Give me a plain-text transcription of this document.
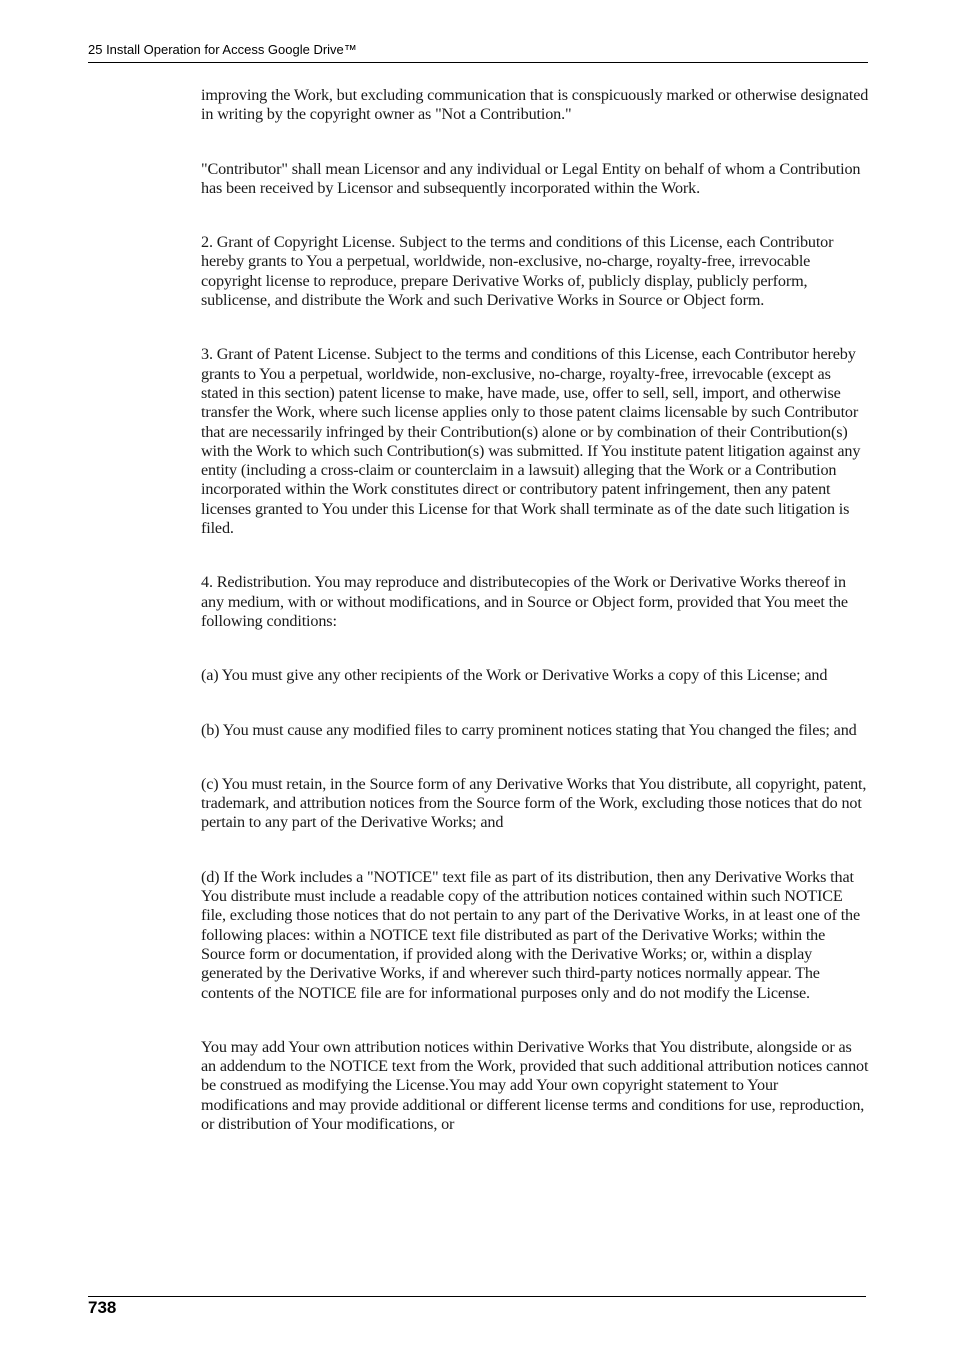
25 Install Operation for Access Google Drive™

improving the Work, but excluding communication that is conspicuously marked or otherwise designated in writing by the copyright owner as "Not a Contribution."

"Contributor" shall mean Licensor and any individual or Legal Entity on behalf of whom a Contribution has been received by Licensor and subsequently incorporated within the Work.

2. Grant of Copyright License. Subject to the terms and conditions of this License, each Contributor hereby grants to You a perpetual, worldwide, non-exclusive, no-charge, royalty-free, irrevocable copyright license to reproduce, prepare Derivative Works of, publicly display, publicly perform, sublicense, and distribute the Work and such Derivative Works in Source or Object form.

3. Grant of Patent License. Subject to the terms and conditions of this License, each Contributor hereby grants to You a perpetual, worldwide, non-exclusive, no-charge, royalty-free, irrevocable (except as stated in this section) patent license to make, have made, use, offer to sell, sell, import, and otherwise transfer the Work, where such license applies only to those patent claims licensable by such Contributor that are necessarily infringed by their Contribution(s) alone or by combination of their Contribution(s) with the Work to which such Contribution(s) was submitted. If You institute patent litigation against any entity (including a cross-claim or counterclaim in a lawsuit) alleging that the Work or a Contribution incorporated within the Work constitutes direct or contributory patent infringement, then any patent licenses granted to You under this License for that Work shall terminate as of the date such litigation is filed.

4. Redistribution. You may reproduce and distributecopies of the Work or Derivative Works thereof in any medium, with or without modifications, and in Source or Object form, provided that You meet the following conditions:

(a) You must give any other recipients of the Work or Derivative Works a copy of this License; and

(b) You must cause any modified files to carry prominent notices stating that You changed the files; and

(c) You must retain, in the Source form of any Derivative Works that You distribute, all copyright, patent, trademark, and attribution notices from the Source form of the Work, excluding those notices that do not pertain to any part of the Derivative Works; and

(d) If the Work includes a "NOTICE" text file as part of its distribution, then any Derivative Works that You distribute must include a readable copy of the attribution notices contained within such NOTICE file, excluding those notices that do not pertain to any part of the Derivative Works, in at least one of the following places: within a NOTICE text file distributed as part of the Derivative Works; within the Source form or documentation, if provided along with the Derivative Works; or, within a display generated by the Derivative Works, if and wherever such third-party notices normally appear. The contents of the NOTICE file are for informational purposes only and do not modify the License.

You may add Your own attribution notices within Derivative Works that You distribute, alongside or as an addendum to the NOTICE text from the Work, provided that such additional attribution notices cannot be construed as modifying the License.You may add Your own copyright statement to Your modifications and may provide additional or different license terms and conditions for use, reproduction, or distribution of Your modifications, or

738
